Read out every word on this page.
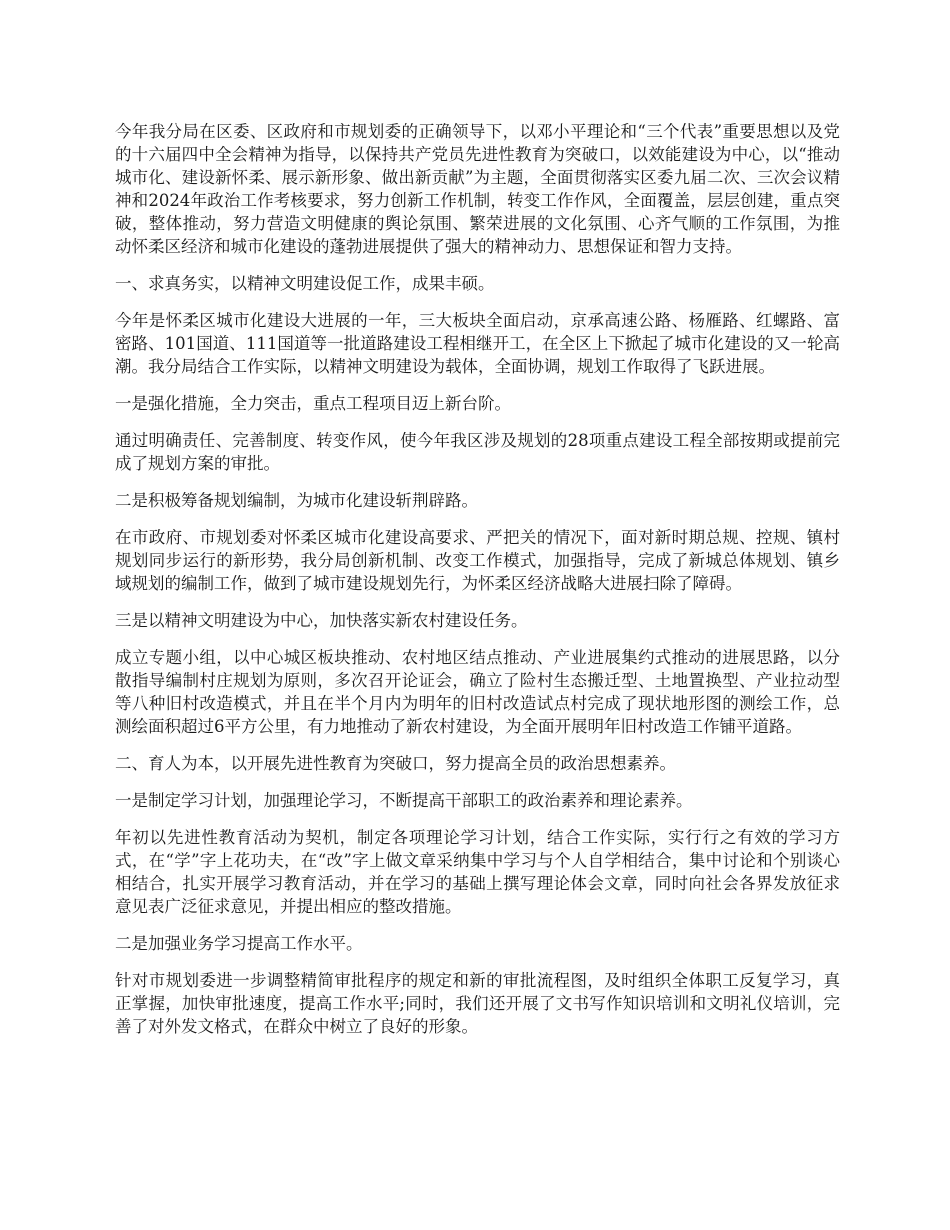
今年我分局在区委、区政府和市规划委的正确领导下，以邓小平理论和“三个代表”重要思想以及党的十六届四中全会精神为指导，以保持共产党员先进性教育为突破口，以效能建设为中心，以“推动城市化、建设新怀柔、展示新形象、做出新贡献”为主题，全面贯彻落实区委九届二次、三次会议精神和2024年政治工作考核要求，努力创新工作机制，转变工作作风，全面覆盖，层层创建，重点突破，整体推动，努力营造文明健康的舆论氛围、繁荣进展的文化氛围、心齐气顺的工作氛围，为推动怀柔区经济和城市化建设的蓬勃进展提供了强大的精神动力、思想保证和智力支持。

一、求真务实，以精神文明建设促工作，成果丰硕。

今年是怀柔区城市化建设大进展的一年，三大板块全面启动，京承高速公路、杨雁路、红螺路、富密路、101国道、111国道等一批道路建设工程相继开工，在全区上下掀起了城市化建设的又一轮高潮。我分局结合工作实际，以精神文明建设为载体，全面协调，规划工作取得了飞跃进展。

一是强化措施，全力突击，重点工程项目迈上新台阶。

通过明确责任、完善制度、转变作风，使今年我区涉及规划的28项重点建设工程全部按期或提前完成了规划方案的审批。

二是积极筹备规划编制，为城市化建设斩荆辟路。

在市政府、市规划委对怀柔区城市化建设高要求、严把关的情况下，面对新时期总规、控规、镇村规划同步运行的新形势，我分局创新机制、改变工作模式，加强指导，完成了新城总体规划、镇乡域规划的编制工作，做到了城市建设规划先行，为怀柔区经济战略大进展扫除了障碍。

三是以精神文明建设为中心，加快落实新农村建设任务。

成立专题小组，以中心城区板块推动、农村地区结点推动、产业进展集约式推动的进展思路，以分散指导编制村庄规划为原则，多次召开论证会，确立了险村生态搬迁型、土地置换型、产业拉动型等八种旧村改造模式，并且在半个月内为明年的旧村改造试点村完成了现状地形图的测绘工作，总测绘面积超过6平方公里，有力地推动了新农村建设，为全面开展明年旧村改造工作铺平道路。

二、育人为本，以开展先进性教育为突破口，努力提高全员的政治思想素养。

一是制定学习计划，加强理论学习，不断提高干部职工的政治素养和理论素养。

年初以先进性教育活动为契机，制定各项理论学习计划，结合工作实际，实行行之有效的学习方式，在“学”字上花功夫，在“改”字上做文章采纳集中学习与个人自学相结合，集中讨论和个别谈心相结合，扎实开展学习教育活动，并在学习的基础上撰写理论体会文章，同时向社会各界发放征求意见表广泛征求意见，并提出相应的整改措施。

二是加强业务学习提高工作水平。

针对市规划委进一步调整精简审批程序的规定和新的审批流程图，及时组织全体职工反复学习，真正掌握，加快审批速度，提高工作水平;同时，我们还开展了文书写作知识培训和文明礼仪培训，完善了对外发文格式，在群众中树立了良好的形象。
